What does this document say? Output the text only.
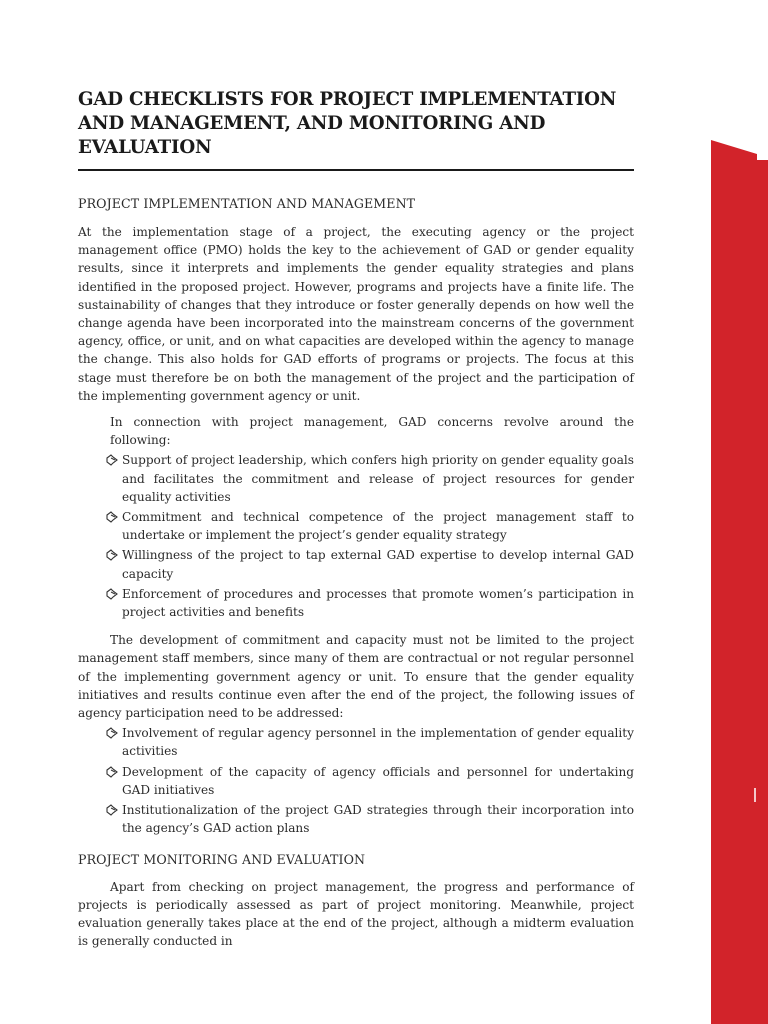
GAD CHECKLISTS FOR PROJECT IMPLEMENTATION AND MANAGEMENT, AND MONITORING AND EVALUATION
PROJECT IMPLEMENTATION AND MANAGEMENT

At the implementation stage of a project, the executing agency or the project management office (PMO) holds the key to the achievement of GAD or gender equality results, since it interprets and implements the gender equality strategies and plans identified in the proposed project. However, programs and projects have a finite life. The sustainability of changes that they introduce or foster generally depends on how well the change agenda have been incorporated into the mainstream concerns of the government agency, office, or unit, and on what capacities are developed within the agency to manage the change. This also holds for GAD efforts of programs or projects. The focus at this stage must therefore be on both the management of the project and the participation of the implementing government agency or unit.

In connection with project management, GAD concerns revolve around the following:

Support of project leadership, which confers high priority on gender equality goals and facilitates the commitment and release of project resources for gender equality activities
Commitment and technical competence of the project management staff to undertake or implement the project’s gender equality strategy
Willingness of the project to tap external GAD expertise to develop internal GAD capacity
Enforcement of procedures and processes that promote women’s participation in project activities and benefits

The development of commitment and capacity must not be limited to the project management staff members, since many of them are contractual or not regular personnel of the implementing government agency or unit. To ensure that the gender equality initiatives and results continue even after the end of the project, the following issues of agency participation need to be addressed:

Involvement of regular agency personnel in the implementation of gender equality activities
Development of the capacity of agency officials and personnel for undertaking GAD initiatives
Institutionalization of the project GAD strategies through their incorporation into the agency’s GAD action plans
PROJECT MONITORING AND EVALUATION

Apart from checking on project management, the progress and performance of projects is periodically assessed as part of project monitoring. Meanwhile, project evaluation generally takes place at the end of the project, although a midterm evaluation is generally conducted in
